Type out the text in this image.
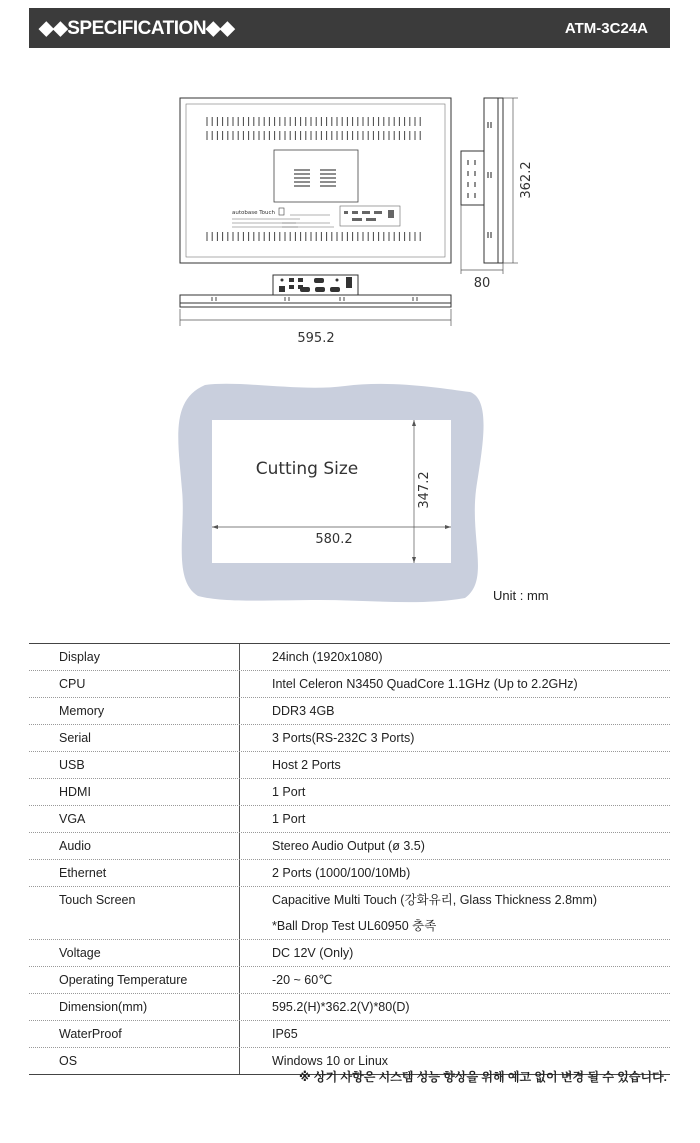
◆◆SPECIFICATION◆◆	ATM-3C24A
autobase Touch
362.2
80
595.2
Cutting Size
580.2
347.2
Unit : mm
Display	24inch (1920x1080)
CPU	Intel Celeron N3450 QuadCore 1.1GHz (Up to 2.2GHz)
Memory	DDR3 4GB
Serial	3 Ports(RS-232C 3 Ports)
USB	Host 2 Ports
HDMI	1 Port
VGA	1 Port
Audio	Stereo Audio Output (ø 3.5)
Ethernet	2 Ports (1000/100/10Mb)
Touch Screen	Capacitive Multi Touch (강화유리, Glass Thickness 2.8mm)
*Ball Drop Test UL60950 충족
Voltage	DC 12V (Only)
Operating Temperature	-20 ~ 60℃
Dimension(mm)	595.2(H)*362.2(V)*80(D)
WaterProof	IP65
OS	Windows 10 or Linux
※ 상기 사항은 시스템 성능 향상을 위해 예고 없이 변경 될 수 있습니다.
